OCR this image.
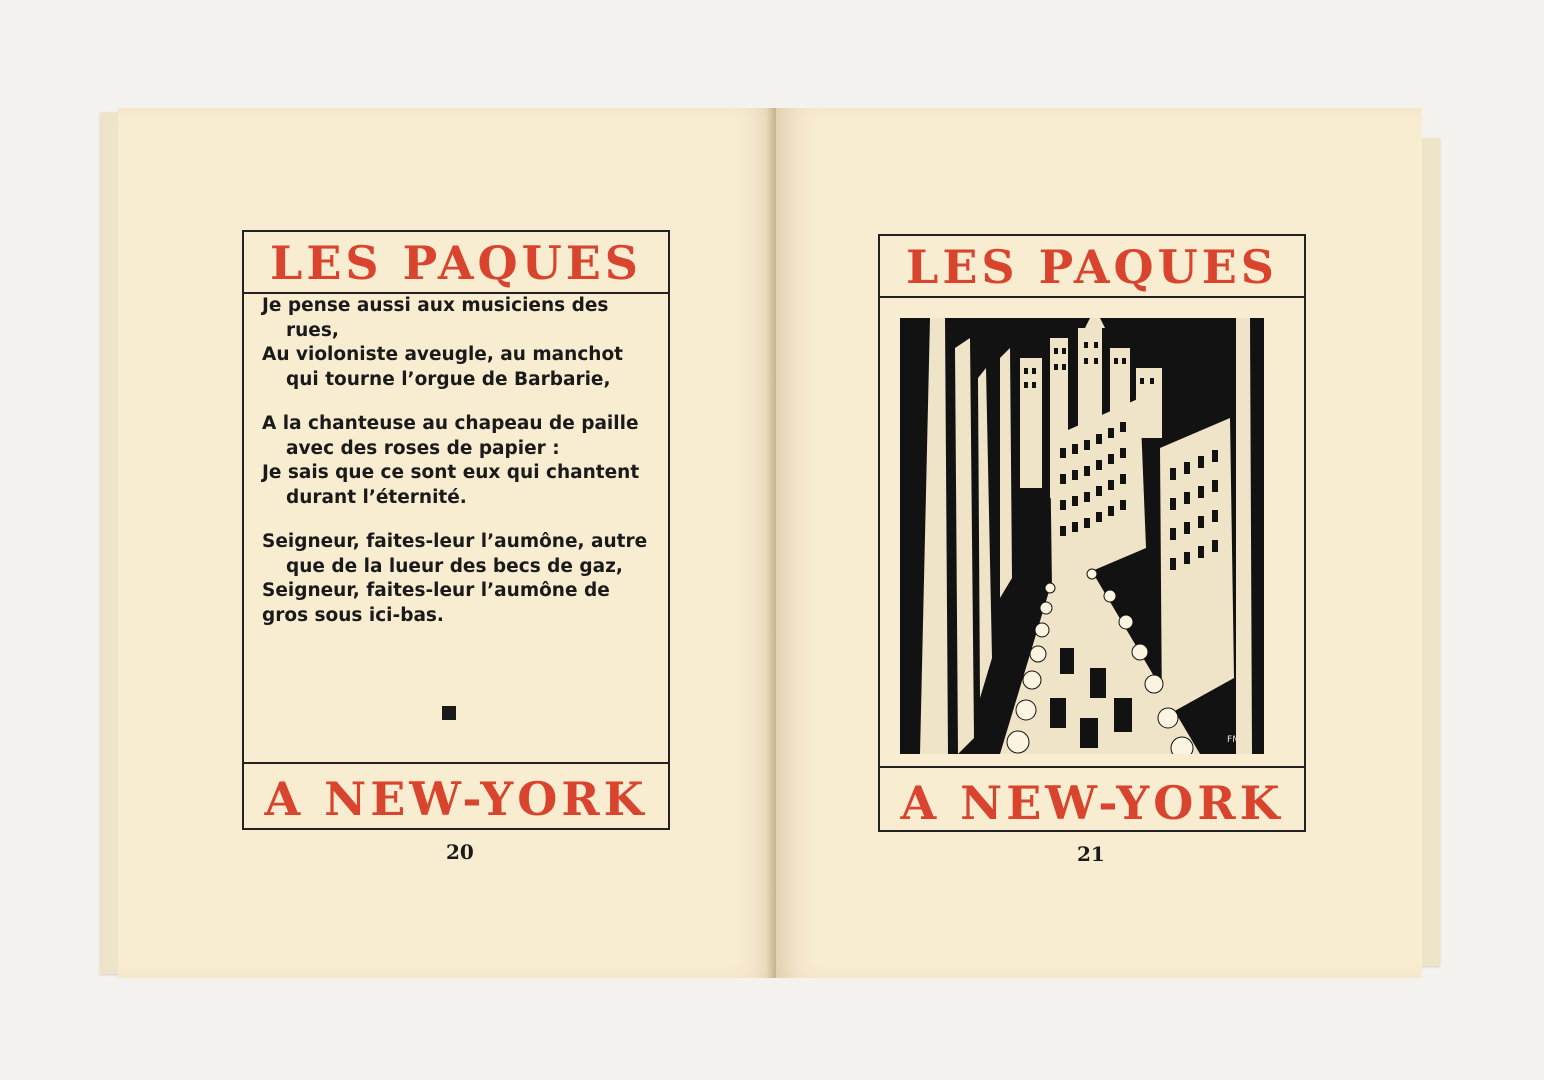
LES PAQUES
Je pense aussi aux musiciens des
rues,
Au violoniste aveugle, au manchot
qui tourne l’orgue de Barbarie,
A la chanteuse au chapeau de paille
avec des roses de papier :
Je sais que ce sont eux qui chantent
durant l’éternité.
Seigneur, faites-leur l’aumône, autre
que de la lueur des becs de gaz,
Seigneur, faites-leur l’aumône de
gros sous ici-bas.
A NEW-YORK
20
LES PAQUES
FM
A NEW-YORK
21
